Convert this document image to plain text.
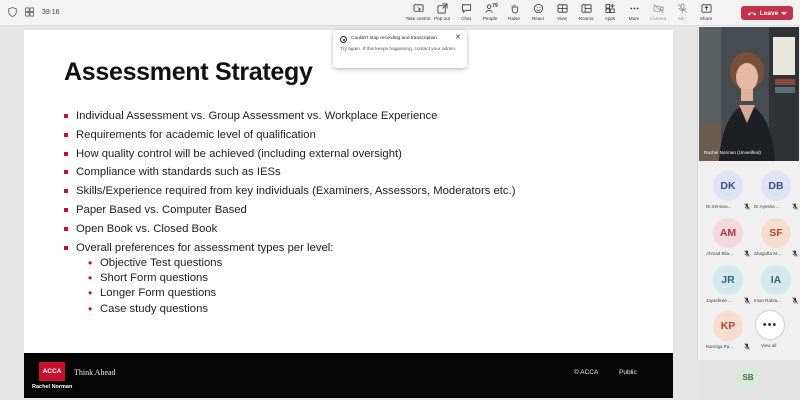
39:16
Take control Pop out Chat
79
People Raise	React	View	Rooms Apps	More Camera	Mic	Share
Leave
Assessment Strategy
Individual Assessment vs. Group Assessment vs. Workplace Experience
Requirements for academic level of qualification
How quality control will be achieved (including external oversight)
Compliance with standards such as IESs
Skills/Experience required from key individuals (Examiners, Assessors, Moderators etc.)
Paper Based vs. Computer Based
Open Book vs. Closed Book
Overall preferences for assessment types per level:
• Objective Test questions
• Short Form questions
• Longer Form questions
• Case study questions
ACCA	Think Ahead	© ACCA	Public
Rachel Norman
Couldn't stop recording and transcription. ✕
Try again. If this keeps happening, contact your admin.
Rachel Norman (Unverified)
DK
Dr.Srinivas...
DB
Dr.Ayesha ...
AM
Ahmad Bila...
SF
Shagufta M...
JR
Jayashree ...
IA
Iman Rabia...
KP
Kanniga Pa...
•••
View all
SB
